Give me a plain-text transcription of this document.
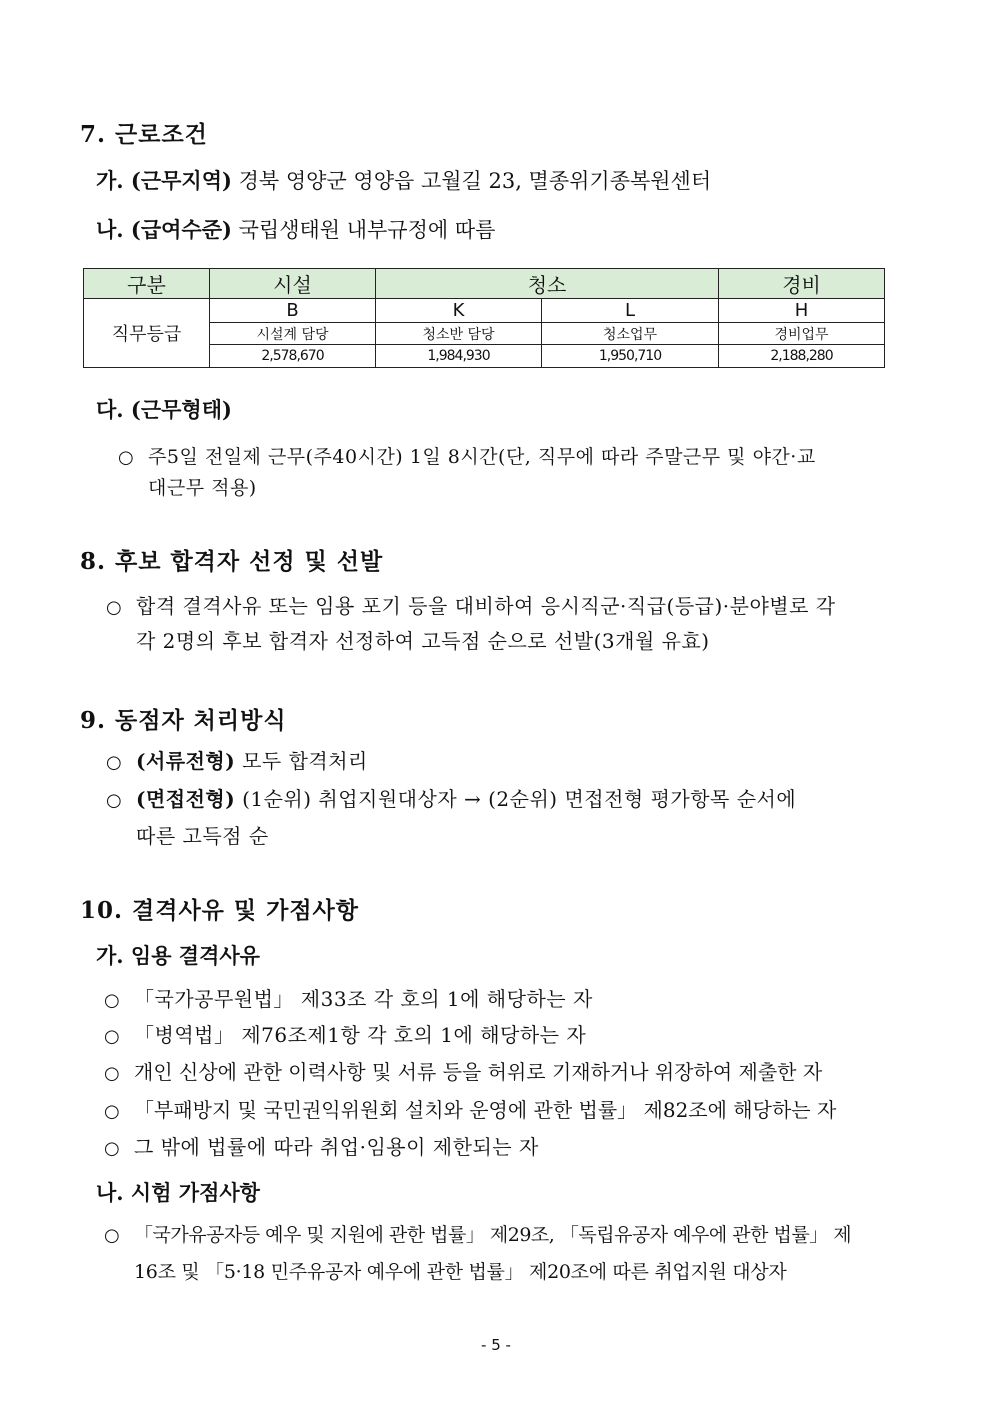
7. 근로조건
가. (근무지역) 경북 영양군 영양읍 고월길 23, 멸종위기종복원센터
나. (급여수준) 국립생태원 내부규정에 따름
구분	시설	청소		경비
직무등급	B	K	L	H
	시설계 담당	청소반 담당	청소업무	경비업무
	2,578,670	1,984,930	1,950,710	2,188,280
다. (근무형태)
○ 주5일 전일제 근무(주40시간) 1일 8시간(단, 직무에 따라 주말근무 및 야간·교
대근무 적용)
8. 후보 합격자 선정 및 선발
○ 합격 결격사유 또는 임용 포기 등을 대비하여 응시직군·직급(등급)·분야별로 각
각 2명의 후보 합격자 선정하여 고득점 순으로 선발(3개월 유효)
9. 동점자 처리방식
○ (서류전형) 모두 합격처리
○ (면접전형) (1순위) 취업지원대상자 → (2순위) 면접전형 평가항목 순서에
따른 고득점 순
10. 결격사유 및 가점사항
가. 임용 결격사유
○ 「국가공무원법」 제33조 각 호의 1에 해당하는 자
○ 「병역법」 제76조제1항 각 호의 1에 해당하는 자
○ 개인 신상에 관한 이력사항 및 서류 등을 허위로 기재하거나 위장하여 제출한 자
○ 「부패방지 및 국민권익위원회 설치와 운영에 관한 법률」 제82조에 해당하는 자
○ 그 밖에 법률에 따라 취업·임용이 제한되는 자
나. 시험 가점사항
○ 「국가유공자등 예우 및 지원에 관한 법률」 제29조, 「독립유공자 예우에 관한 법률」 제
16조 및 「5·18 민주유공자 예우에 관한 법률」 제20조에 따른 취업지원 대상자
- 5 -
